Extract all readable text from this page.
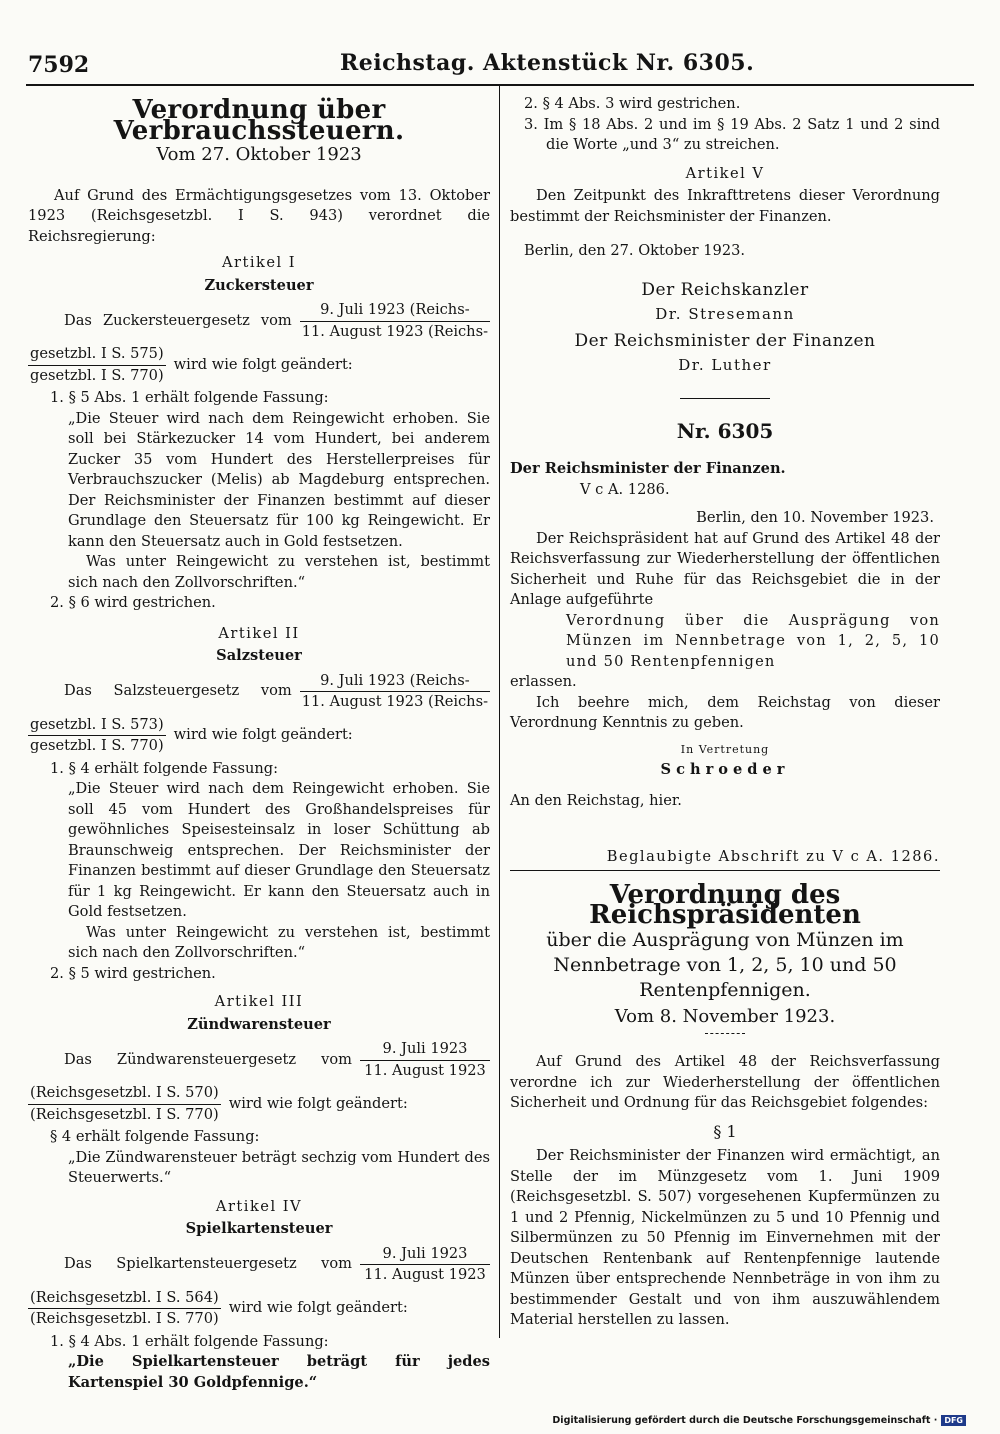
7592	Reichstag. Aktenstück Nr. 6305.
Verordnung über Verbrauchssteuern.
Vom 27. Oktober 1923

Auf Grund des Ermächtigungsgesetzes vom 13. Oktober 1923 (Reichsgesetzbl. I S. 943) verordnet die Reichsregierung:

Artikel I
Zuckersteuer
Das Zuckersteuergesetz vom $\frac{\text{9. Juli 1923 (Reichs-}}{\text{11. August 1923 (Reichs-}}$
$\frac{\text{gesetzbl. I S. 575)}}{\text{gesetzbl. I S. 770)}}$ wird wie folgt geändert:

1. § 5 Abs. 1 erhält folgende Fassung:

„Die Steuer wird nach dem Reingewicht erhoben. Sie soll bei Stärkezucker 14 vom Hundert, bei anderem Zucker 35 vom Hundert des Herstellerpreises für Verbrauchszucker (Melis) ab Magdeburg entsprechen. Der Reichsminister der Finanzen bestimmt auf dieser Grundlage den Steuersatz für 100 kg Reingewicht. Er kann den Steuersatz auch in Gold festsetzen.

Was unter Reingewicht zu verstehen ist, bestimmt sich nach den Zollvorschriften.“

2. § 6 wird gestrichen.

Artikel II
Salzsteuer
Das Salzsteuergesetz vom $\frac{\text{9. Juli 1923 (Reichs-}}{\text{11. August 1923 (Reichs-}}$
$\frac{\text{gesetzbl. I S. 573)}}{\text{gesetzbl. I S. 770)}}$ wird wie folgt geändert:

1. § 4 erhält folgende Fassung:

„Die Steuer wird nach dem Reingewicht erhoben. Sie soll 45 vom Hundert des Großhandelspreises für gewöhnliches Speisesteinsalz in loser Schüttung ab Braunschweig entsprechen. Der Reichsminister der Finanzen bestimmt auf dieser Grundlage den Steuersatz für 1 kg Reingewicht. Er kann den Steuersatz auch in Gold festsetzen.

Was unter Reingewicht zu verstehen ist, bestimmt sich nach den Zollvorschriften.“

2. § 5 wird gestrichen.

Artikel III
Zündwarensteuer
Das Zündwarensteuergesetz vom $\frac{\text{9. Juli 1923}}{\text{11. August 1923}}$
$\frac{\text{(Reichsgesetzbl. I S. 570)}}{\text{(Reichsgesetzbl. I S. 770)}}$ wird wie folgt geändert:

§ 4 erhält folgende Fassung:

„Die Zündwarensteuer beträgt sechzig vom Hundert des Steuerwerts.“

Artikel IV
Spielkartensteuer
Das Spielkartensteuergesetz vom $\frac{\text{9. Juli 1923}}{\text{11. August 1923}}$
$\frac{\text{(Reichsgesetzbl. I S. 564)}}{\text{(Reichsgesetzbl. I S. 770)}}$ wird wie folgt geändert:

1. § 4 Abs. 1 erhält folgende Fassung:

„Die Spielkartensteuer beträgt für jedes Kartenspiel 30 Goldpfennige.“

2. § 4 Abs. 3 wird gestrichen.

3. Im § 18 Abs. 2 und im § 19 Abs. 2 Satz 1 und 2 sind die Worte „und 3“ zu streichen.

Artikel V

Den Zeitpunkt des Inkrafttretens dieser Verordnung bestimmt der Reichsminister der Finanzen.

Berlin, den 27. Oktober 1923.

Der Reichskanzler
Dr. Stresemann
Der Reichsminister der Finanzen
Dr. Luther
Nr. 6305

Der Reichsminister der Finanzen.

V c A. 1286.

Berlin, den 10. November 1923.

Der Reichspräsident hat auf Grund des Artikel 48 der Reichsverfassung zur Wiederherstellung der öffentlichen Sicherheit und Ruhe für das Reichsgebiet die in der Anlage aufgeführte

Verordnung über die Ausprägung von Münzen im Nennbetrage von 1, 2, 5, 10 und 50 Rentenpfennigen

erlassen.

Ich beehre mich, dem Reichstag von dieser Verordnung Kenntnis zu geben.

In Vertretung
Schroeder

An den Reichstag, hier.

Beglaubigte Abschrift zu V c A. 1286.
Verordnung des Reichspräsidenten

über die Ausprägung von Münzen im Nennbetrage von 1, 2, 5, 10 und 50 Rentenpfennigen.

Vom 8. November 1923.

Auf Grund des Artikel 48 der Reichsverfassung verordne ich zur Wiederherstellung der öffentlichen Sicherheit und Ordnung für das Reichsgebiet folgendes:

§ 1

Der Reichsminister der Finanzen wird ermächtigt, an Stelle der im Münzgesetz vom 1. Juni 1909 (Reichsgesetzbl. S. 507) vorgesehenen Kupfermünzen zu 1 und 2 Pfennig, Nickelmünzen zu 5 und 10 Pfennig und Silbermünzen zu 50 Pfennig im Einvernehmen mit der Deutschen Rentenbank auf Rentenpfennige lautende Münzen über entsprechende Nennbeträge in von ihm zu bestimmender Gestalt und von ihm auszuwählendem Material herstellen zu lassen.

Digitalisierung gefördert durch die Deutsche Forschungsgemeinschaft · DFG
